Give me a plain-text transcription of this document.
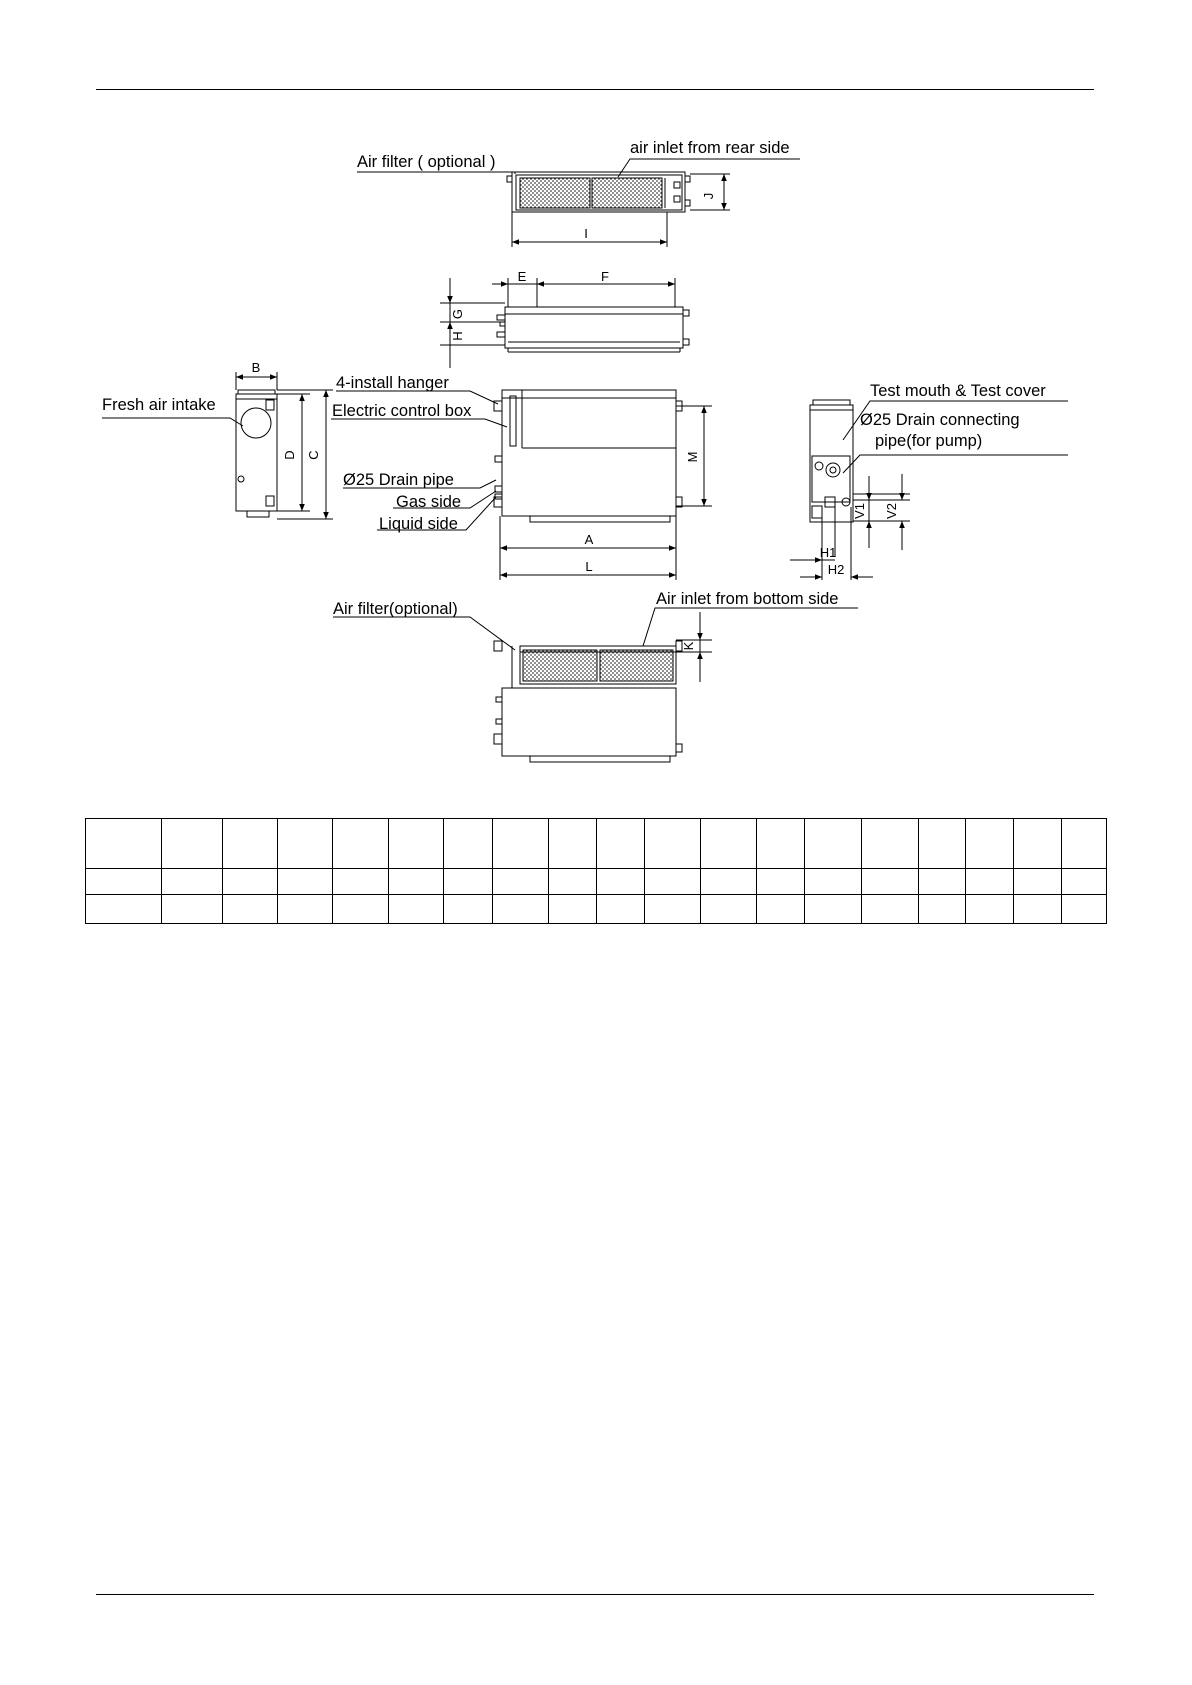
Air filter ( optional )
air inlet from rear side
4-install hanger
Electric control box
Fresh air intake
Ø25 Drain pipe
Gas side
Liquid side
Test mouth & Test cover
Ø25 Drain connecting
pipe(for pump)
Air filter(optional)
Air inlet from bottom side
I
J
E	F
G
H
B
D C	M
A
L
H1
H2
V1 V2
K
